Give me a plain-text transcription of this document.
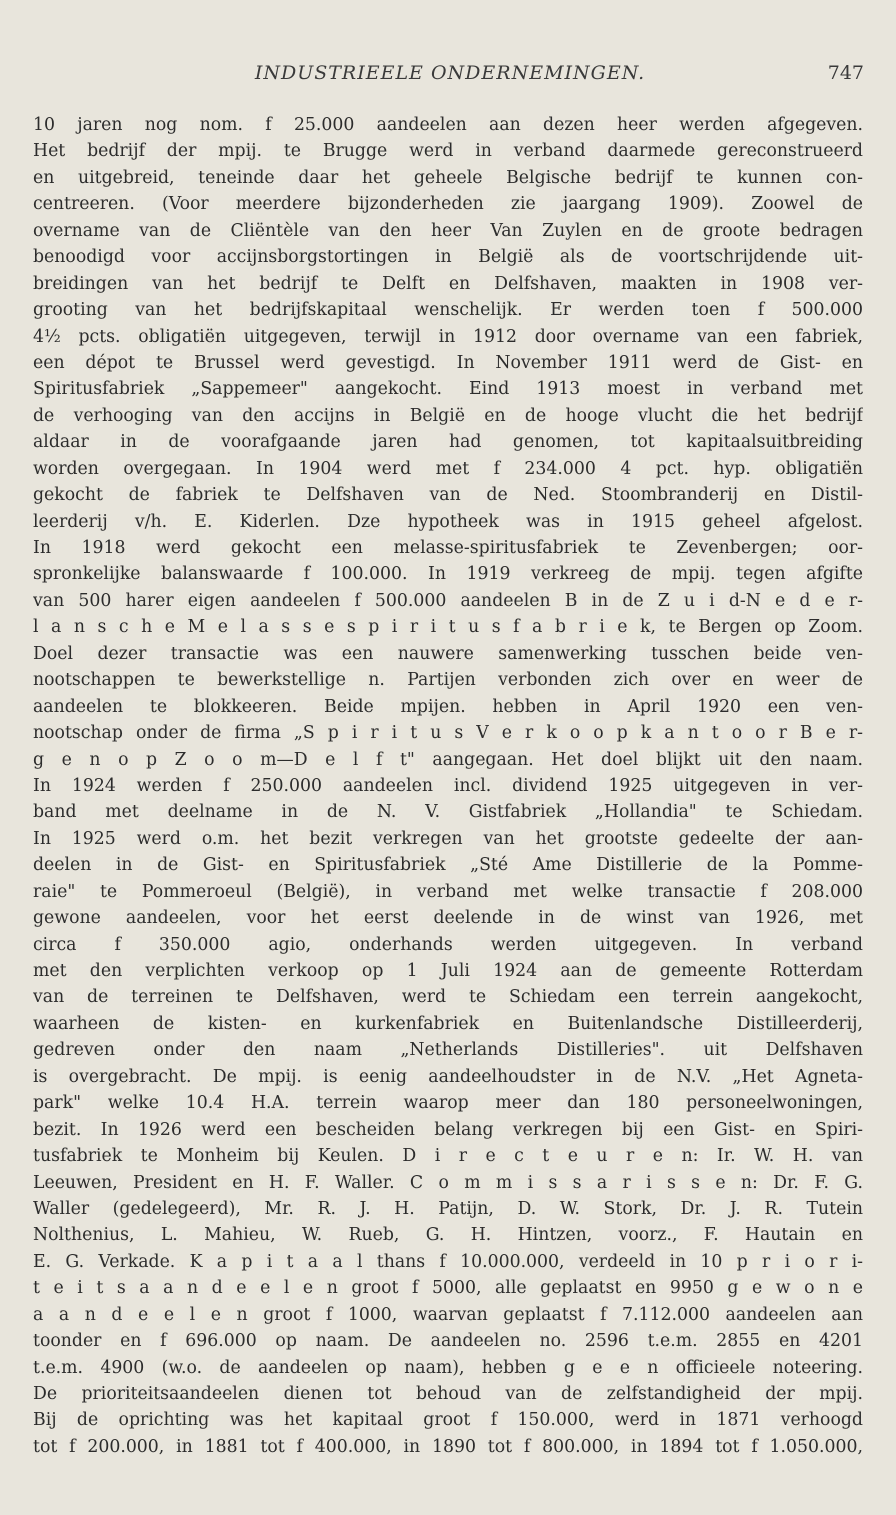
INDUSTRIEELE ONDERNEMINGEN.	747
10 jaren nog nom. f 25.000 aandeelen aan dezen heer werden afgegeven.
Het bedrijf der mpij. te Brugge werd in verband daarmede gereconstrueerd
en uitgebreid, teneinde daar het geheele Belgische bedrijf te kunnen con-
centreeren. (Voor meerdere bijzonderheden zie jaargang 1909). Zoowel de
overname van de Cliëntèle van den heer Van Zuylen en de groote bedragen
benoodigd voor accijnsborgstortingen in België als de voortschrijdende uit-
breidingen van het bedrijf te Delft en Delfshaven, maakten in 1908 ver-
grooting van het bedrijfskapitaal wenschelijk. Er werden toen f 500.000
4½ pcts. obligatiën uitgegeven, terwijl in 1912 door overname van een fabriek,
een dépot te Brussel werd gevestigd. In November 1911 werd de Gist- en
Spiritusfabriek „Sappemeer" aangekocht. Eind 1913 moest in verband met
de verhooging van den accijns in België en de hooge vlucht die het bedrijf
aldaar in de voorafgaande jaren had genomen, tot kapitaalsuitbreiding
worden overgegaan. In 1904 werd met f 234.000 4 pct. hyp. obligatiën
gekocht de fabriek te Delfshaven van de Ned. Stoombranderij en Distil-
leerderij v/h. E. Kiderlen. Dze hypotheek was in 1915 geheel afgelost.
In 1918 werd gekocht een melasse-spiritusfabriek te Zevenbergen; oor-
spronkelijke balanswaarde f 100.000. In 1919 verkreeg de mpij. tegen afgifte
van 500 harer eigen aandeelen f 500.000 aandeelen B in de Z u i d-N e d e r-
l a n s c h e M e l a s s e s p i r i t u s f a b r i e k, te Bergen op Zoom.
Doel dezer transactie was een nauwere samenwerking tusschen beide ven-
nootschappen te bewerkstellige n. Partijen verbonden zich over en weer de
aandeelen te blokkeeren. Beide mpijen. hebben in April 1920 een ven-
nootschap onder de firma „S p i r i t u s V e r k o o p k a n t o o r B e r-
g e n o p Z o o m—D e l f t" aangegaan. Het doel blijkt uit den naam.
In 1924 werden f 250.000 aandeelen incl. dividend 1925 uitgegeven in ver-
band met deelname in de N. V. Gistfabriek „Hollandia" te Schiedam.
In 1925 werd o.m. het bezit verkregen van het grootste gedeelte der aan-
deelen in de Gist- en Spiritusfabriek „Sté Ame Distillerie de la Pomme-
raie" te Pommeroeul (België), in verband met welke transactie f 208.000
gewone aandeelen, voor het eerst deelende in de winst van 1926, met
circa f 350.000 agio, onderhands werden uitgegeven. In verband
met den verplichten verkoop op 1 Juli 1924 aan de gemeente Rotterdam
van de terreinen te Delfshaven, werd te Schiedam een terrein aangekocht,
waarheen de kisten- en kurkenfabriek en Buitenlandsche Distilleerderij,
gedreven onder den naam „Netherlands Distilleries". uit Delfshaven
is overgebracht. De mpij. is eenig aandeelhoudster in de N.V. „Het Agneta-
park" welke 10.4 H.A. terrein waarop meer dan 180 personeelwoningen,
bezit. In 1926 werd een bescheiden belang verkregen bij een Gist- en Spiri-
tusfabriek te Monheim bij Keulen. D i r e c t e u r e n: Ir. W. H. van
Leeuwen, President en H. F. Waller. C o m m i s s a r i s s e n: Dr. F. G.
Waller (gedelegeerd), Mr. R. J. H. Patijn, D. W. Stork, Dr. J. R. Tutein
Nolthenius, L. Mahieu, W. Rueb, G. H. Hintzen, voorz., F. Hautain en
E. G. Verkade. K a p i t a a l thans f 10.000.000, verdeeld in 10 p r i o r i-
t e i t s a a n d e e l e n groot f 5000, alle geplaatst en 9950 g e w o n e
a a n d e e l e n groot f 1000, waarvan geplaatst f 7.112.000 aandeelen aan
toonder en f 696.000 op naam. De aandeelen no. 2596 t.e.m. 2855 en 4201
t.e.m. 4900 (w.o. de aandeelen op naam), hebben g e e n officieele noteering.
De prioriteitsaandeelen dienen tot behoud van de zelfstandigheid der mpij.
Bij de oprichting was het kapitaal groot f 150.000, werd in 1871 verhoogd
tot f 200.000, in 1881 tot f 400.000, in 1890 tot f 800.000, in 1894 tot f 1.050.000,
